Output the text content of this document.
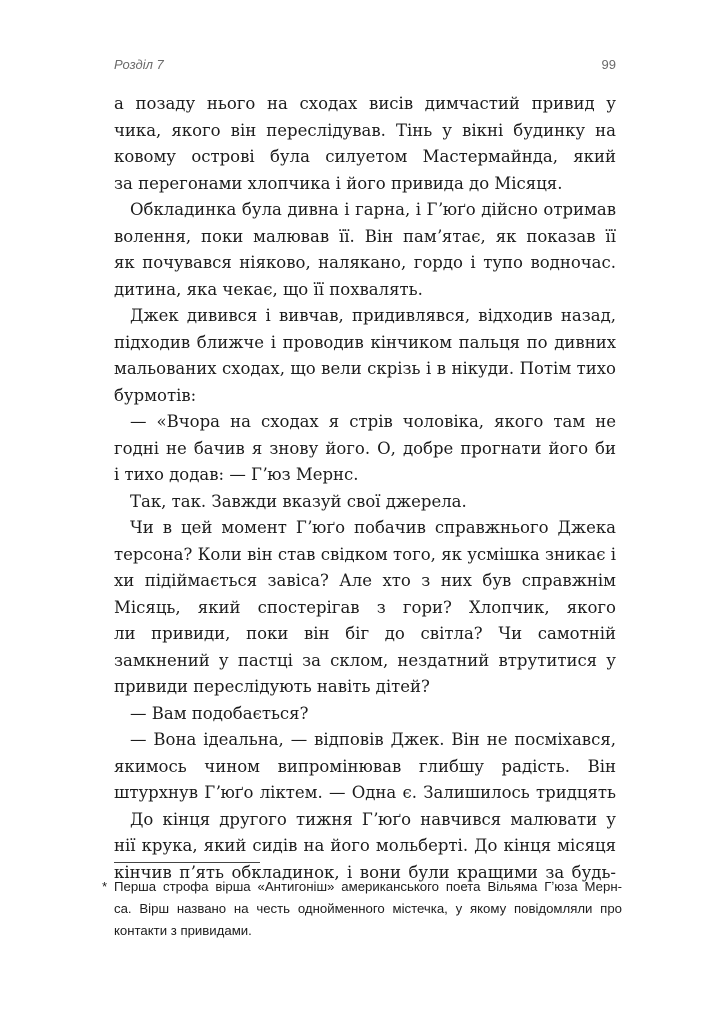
Розділ 7	99
а позаду нього на сходах висів димчастий привид у
чика, якого він переслідував. Тінь у вікні будинку на
ковому острові була силуетом Мастермайнда, який
за перегонами хлопчика і його привида до Місяця.
Обкладинка була дивна і гарна, і Гʼюґо дійсно отримав
волення, поки малював її. Він памʼятає, як показав її
як почувався ніяково, налякано, гордо і тупо водночас.
дитина, яка чекає, що її похвалять.
Джек дивився і вивчав, придивлявся, відходив назад,
підходив ближче і проводив кінчиком пальця по дивних
мальованих сходах, що вели скрізь і в нікуди. Потім тихо
бурмотів:
— «Вчора на сходах я стрів чоловіка, якого там не
годні не бачив я знову його. О, добре прогнати його би
і тихо додав: — Гʼюз Мернс.
Так, так. Завжди вказуй свої джерела.
Чи в цей момент Гʼюґо побачив справжнього Джека
терсона? Коли він став свідком того, як усмішка зникає і
хи підіймається завіса? Але хто з них був справжнім
Місяць, який спостерігав з гори? Хлопчик, якого
ли привиди, поки він біг до світла? Чи самотній
замкнений у пастці за склом, нездатний втрутитися у
привиди переслідують навіть дітей?
— Вам подобається?
— Вона ідеальна, — відповів Джек. Він не посміхався,
якимось чином випромінював глибшу радість. Він
штурхнув Гʼюґо ліктем. — Одна є. Залишилось тридцять
До кінця другого тижня Гʼюґо навчився малювати у
нії крука, який сидів на його мольберті. До кінця місяця
кінчив пʼять обкладинок, і вони були кращими за будь-
* Перша строфа вірша «Антигоніш» американського поета Вільяма Гʼюза Мерн-
са. Вірш названо на честь однойменного містечка, у якому повідомляли про
контакти з привидами.
